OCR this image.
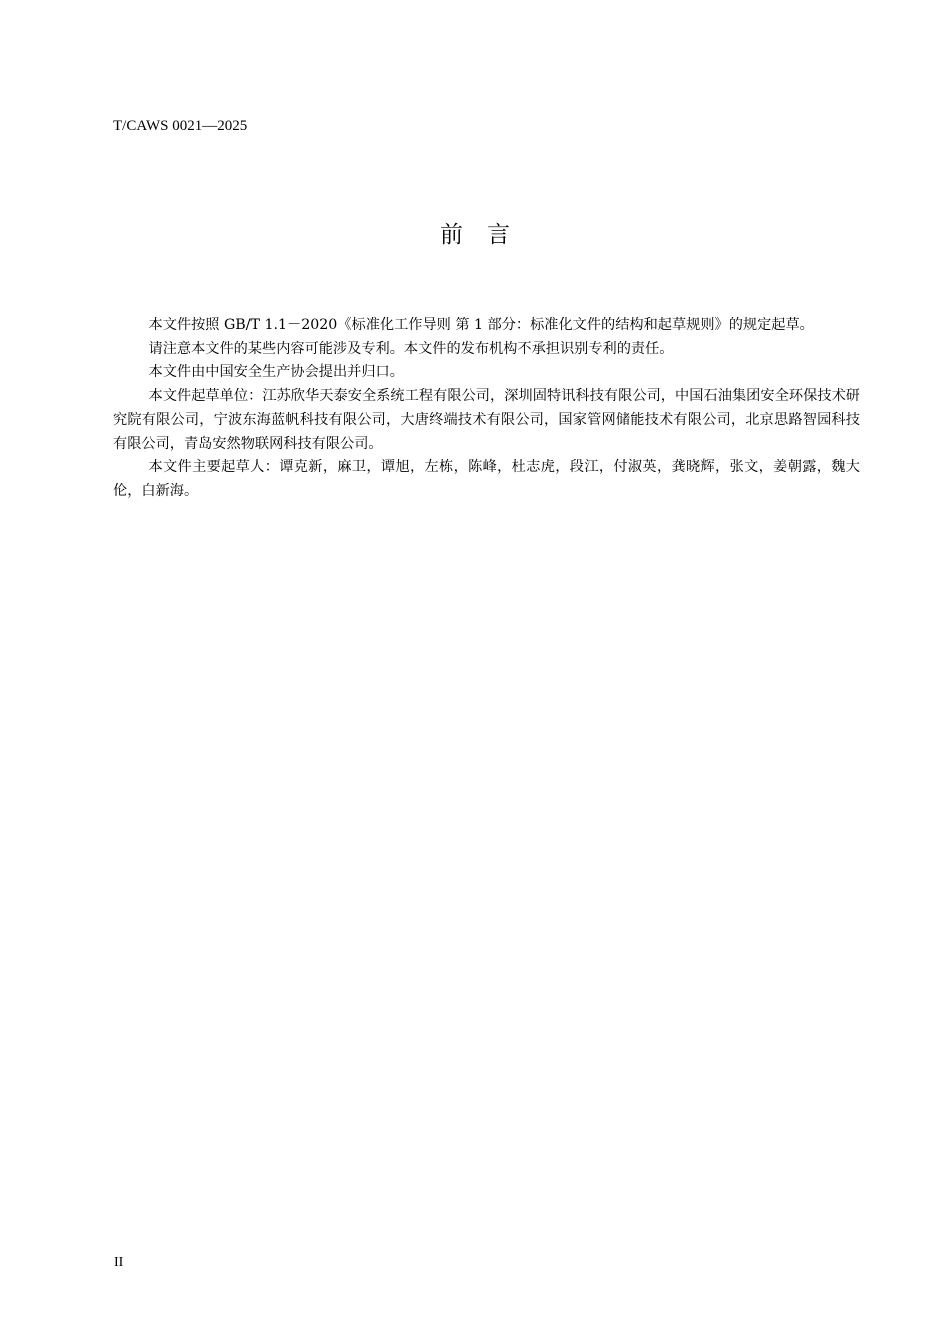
T/CAWS 0021—2025
前言

本文件按照 GB/T 1.1－2020《标准化工作导则 第 1 部分：标准化文件的结构和起草规则》的规定起草。

请注意本文件的某些内容可能涉及专利。本文件的发布机构不承担识别专利的责任。

本文件由中国安全生产协会提出并归口。

本文件起草单位：江苏欣华天泰安全系统工程有限公司，深圳固特讯科技有限公司，中国石油集团安全环保技术研究院有限公司，宁波东海蓝帆科技有限公司，大唐终端技术有限公司，国家管网储能技术有限公司，北京思路智园科技有限公司，青岛安然物联网科技有限公司。

本文件主要起草人：谭克新，麻卫，谭旭，左栋，陈峰，杜志虎，段江，付淑英，龚晓辉，张文，姜朝露，魏大伦，白新海。

II
